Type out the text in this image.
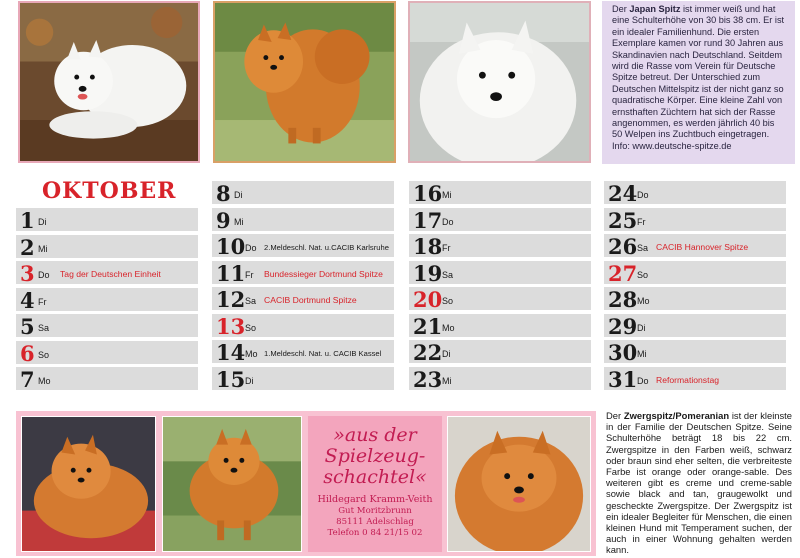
Der Japan Spitz ist immer weiß und hat eine Schulterhöhe von 30 bis 38 cm. Er ist ein idealer Familienhund. Die ersten Exemplare kamen vor rund 30 Jahren aus Skandinavien nach Deutschland. Seitdem wird die Rasse vom Verein für Deutsche Spitze betreut. Der Unterschied zum Deutschen Mittelspitz ist der nicht ganz so quadratische Körper. Eine kleine Zahl von ernsthaften Züchtern hat sich der Rasse angenommen, es werden jährlich 40 bis 50 Welpen ins Zuchtbuch eingetragen. Info: www.deutsche-spitze.de
OKTOBER
1 Di
2 Mi
3 Do Tag der Deutschen Einheit
4 Fr
5 Sa
6 So
7 Mo
8 Di
9 Mi
10 Do 2.Meldeschl. Nat. u.CACIB Karlsruhe
11 Fr Bundessieger Dortmund Spitze
12 Sa CACIB Dortmund Spitze
13 So
14 Mo 1.Meldeschl. Nat. u. CACIB Kassel
15 Di
16 Mi
17 Do
18 Fr
19 Sa
20 So
21 Mo
22 Di
23 Mi
24 Do
25 Fr
26 Sa CACIB Hannover Spitze
27 So
28 Mo
29 Di
30 Mi
31 Do Reformationstag
»aus der
Spielzeug-
schachtel«
Hildegard Kramm-Veith
Gut Moritzbrunn
85111 Adelschlag
Telefon 0 84 21/15 02
Der Zwergspitz/Pomeranian ist der kleinste in der Familie der Deutschen Spitze. Seine Schulterhöhe beträgt 18 bis 22 cm. Zwergspitze in den Farben weiß, schwarz oder braun sind eher selten, die verbreiteste Farbe ist orange oder orange-sable. Des weiteren gibt es creme und creme-sable sowie black and tan, graugewolkt und gescheckte Zwergspitze. Der Zwergspitz ist ein idealer Begleiter für Menschen, die einen kleinen Hund mit Temperament suchen, der auch in einer Wohnung gehalten werden kann.
